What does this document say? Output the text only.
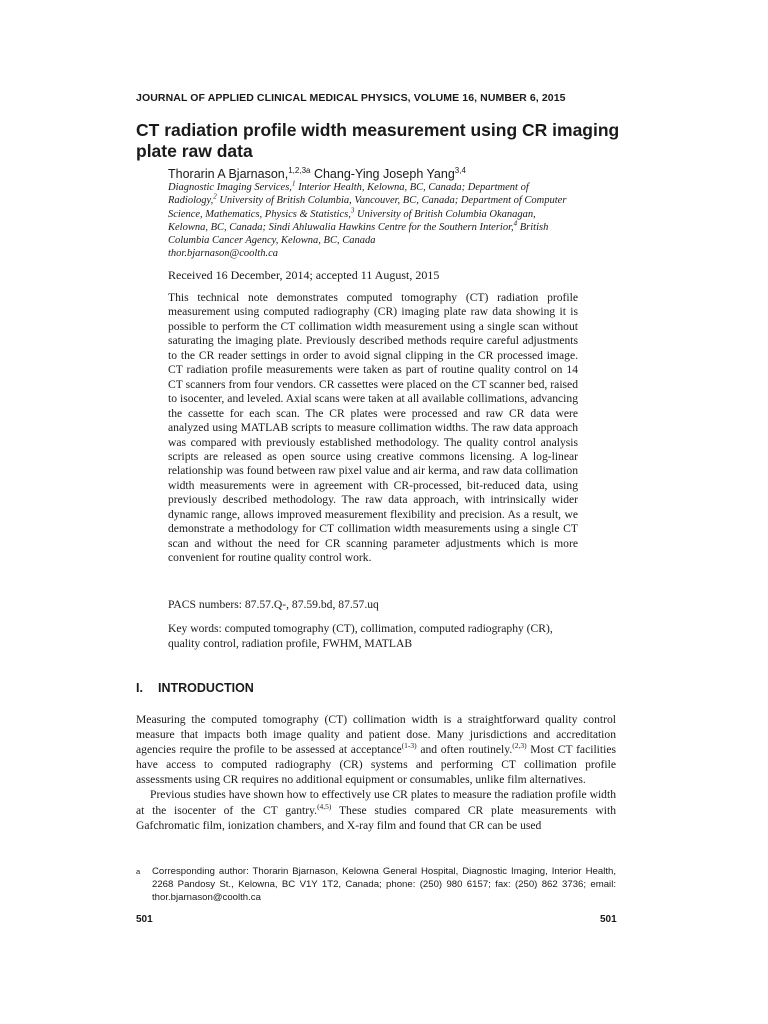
JOURNAL OF APPLIED CLINICAL MEDICAL PHYSICS, VOLUME 16, NUMBER 6, 2015
CT radiation profile width measurement using CR imaging plate raw data
Thorarin A Bjarnason,$^{1,2,3a}$ Chang-Ying Joseph Yang$^{3,4}$
Diagnostic Imaging Services,$^1$ Interior Health, Kelowna, BC, Canada; Department of Radiology,$^2$ University of British Columbia, Vancouver, BC, Canada; Department of Computer Science, Mathematics, Physics & Statistics,$^3$ University of British Columbia Okanagan, Kelowna, BC, Canada; Sindi Ahluwalia Hawkins Centre for the Southern Interior,$^4$ British Columbia Cancer Agency, Kelowna, BC, Canada
thor.bjarnason@coolth.ca
Received 16 December, 2014; accepted 11 August, 2015

This technical note demonstrates computed tomography (CT) radiation profile measurement using computed radiography (CR) imaging plate raw data showing it is possible to perform the CT collimation width measurement using a single scan without saturating the imaging plate. Previously described methods require careful adjustments to the CR reader settings in order to avoid signal clipping in the CR processed image. CT radiation profile measurements were taken as part of routine quality control on 14 CT scanners from four vendors. CR cassettes were placed on the CT scanner bed, raised to isocenter, and leveled. Axial scans were taken at all available collimations, advancing the cassette for each scan. The CR plates were processed and raw CR data were analyzed using MATLAB scripts to measure collimation widths. The raw data approach was compared with previously established methodology. The quality control analysis scripts are released as open source using creative commons licensing. A log-linear relationship was found between raw pixel value and air kerma, and raw data collimation width measurements were in agreement with CR-processed, bit-reduced data, using previously described methodology. The raw data approach, with intrinsically wider dynamic range, allows improved measurement flexibility and precision. As a result, we demonstrate a methodology for CT collimation width measurements using a single CT scan and without the need for CR scanning parameter adjustments which is more convenient for routine quality control work.

PACS numbers: 87.57.Q-, 87.59.bd, 87.57.uq

Key words: computed tomography (CT), collimation, computed radiography (CR), quality control, radiation profile, FWHM, MATLAB

I. INTRODUCTION

Measuring the computed tomography (CT) collimation width is a straightforward quality control measure that impacts both image quality and patient dose. Many jurisdictions and accreditation agencies require the profile to be assessed at acceptance$^{(1-3)}$ and often routinely.$^{(2,3)}$ Most CT facilities have access to computed radiography (CR) systems and performing CT collimation profile assessments using CR requires no additional equipment or consumables, unlike film alternatives.

Previous studies have shown how to effectively use CR plates to measure the radiation profile width at the isocenter of the CT gantry.$^{(4,5)}$ These studies compared CR plate measurements with Gafchromatic film, ionization chambers, and X-ray film and found that CR can be used

a Corresponding author: Thorarin Bjarnason, Kelowna General Hospital, Diagnostic Imaging, Interior Health, 2268 Pandosy St., Kelowna, BC V1Y 1T2, Canada; phone: (250) 980 6157; fax: (250) 862 3736; email: thor.bjarnason@coolth.ca
501	501
